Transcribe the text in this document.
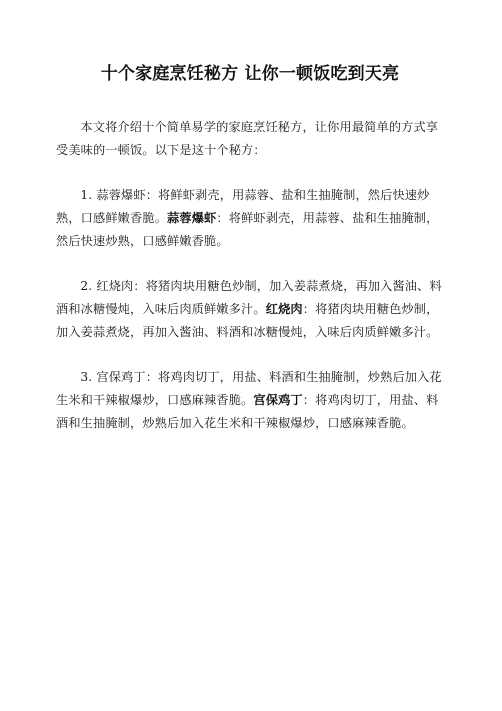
十个家庭烹饪秘方 让你一顿饭吃到天亮

本文将介绍十个简单易学的家庭烹饪秘方，让你用最简单的方式享受美味的一顿饭。以下是这十个秘方：

1. 蒜蓉爆虾：将鲜虾剥壳，用蒜蓉、盐和生抽腌制，然后快速炒熟，口感鲜嫩香脆。蒜蓉爆虾：将鲜虾剥壳，用蒜蓉、盐和生抽腌制，然后快速炒熟，口感鲜嫩香脆。

2. 红烧肉：将猪肉块用糖色炒制，加入姜蒜煮烧，再加入酱油、料酒和冰糖慢炖，入味后肉质鲜嫩多汁。红烧肉：将猪肉块用糖色炒制，加入姜蒜煮烧，再加入酱油、料酒和冰糖慢炖，入味后肉质鲜嫩多汁。

3. 宫保鸡丁：将鸡肉切丁，用盐、料酒和生抽腌制，炒熟后加入花生米和干辣椒爆炒，口感麻辣香脆。宫保鸡丁：将鸡肉切丁，用盐、料酒和生抽腌制，炒熟后加入花生米和干辣椒爆炒，口感麻辣香脆。
